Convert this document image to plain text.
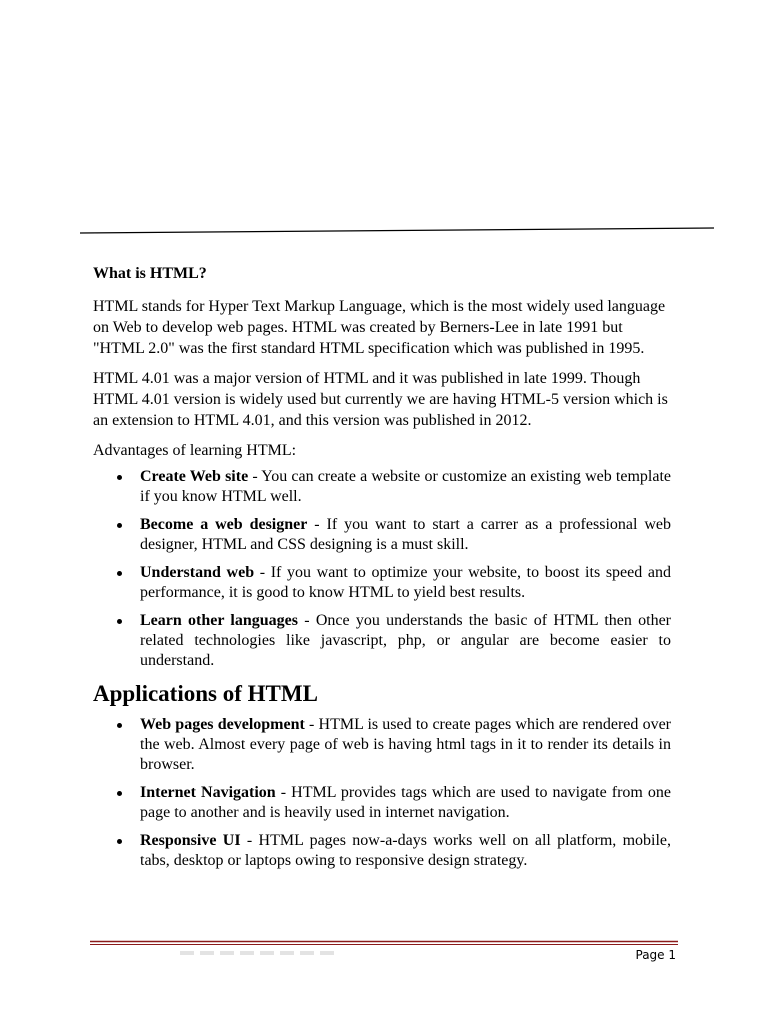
What is HTML?

HTML stands for Hyper Text Markup Language, which is the most widely used language on Web to develop web pages. HTML was created by Berners-Lee in late 1991 but "HTML 2.0" was the first standard HTML specification which was published in 1995.

HTML 4.01 was a major version of HTML and it was published in late 1999. Though HTML 4.01 version is widely used but currently we are having HTML-5 version which is an extension to HTML 4.01, and this version was published in 2012.

Advantages of learning HTML:

Create Web site - You can create a website or customize an existing web template if you know HTML well.
Become a web designer - If you want to start a carrer as a professional web designer, HTML and CSS designing is a must skill.
Understand web - If you want to optimize your website, to boost its speed and performance, it is good to know HTML to yield best results.
Learn other languages - Once you understands the basic of HTML then other related technologies like javascript, php, or angular are become easier to understand.
Applications of HTML
Web pages development - HTML is used to create pages which are rendered over the web. Almost every page of web is having html tags in it to render its details in browser.
Internet Navigation - HTML provides tags which are used to navigate from one page to another and is heavily used in internet navigation.
Responsive UI - HTML pages now-a-days works well on all platform, mobile, tabs, desktop or laptops owing to responsive design strategy.
Page 1
